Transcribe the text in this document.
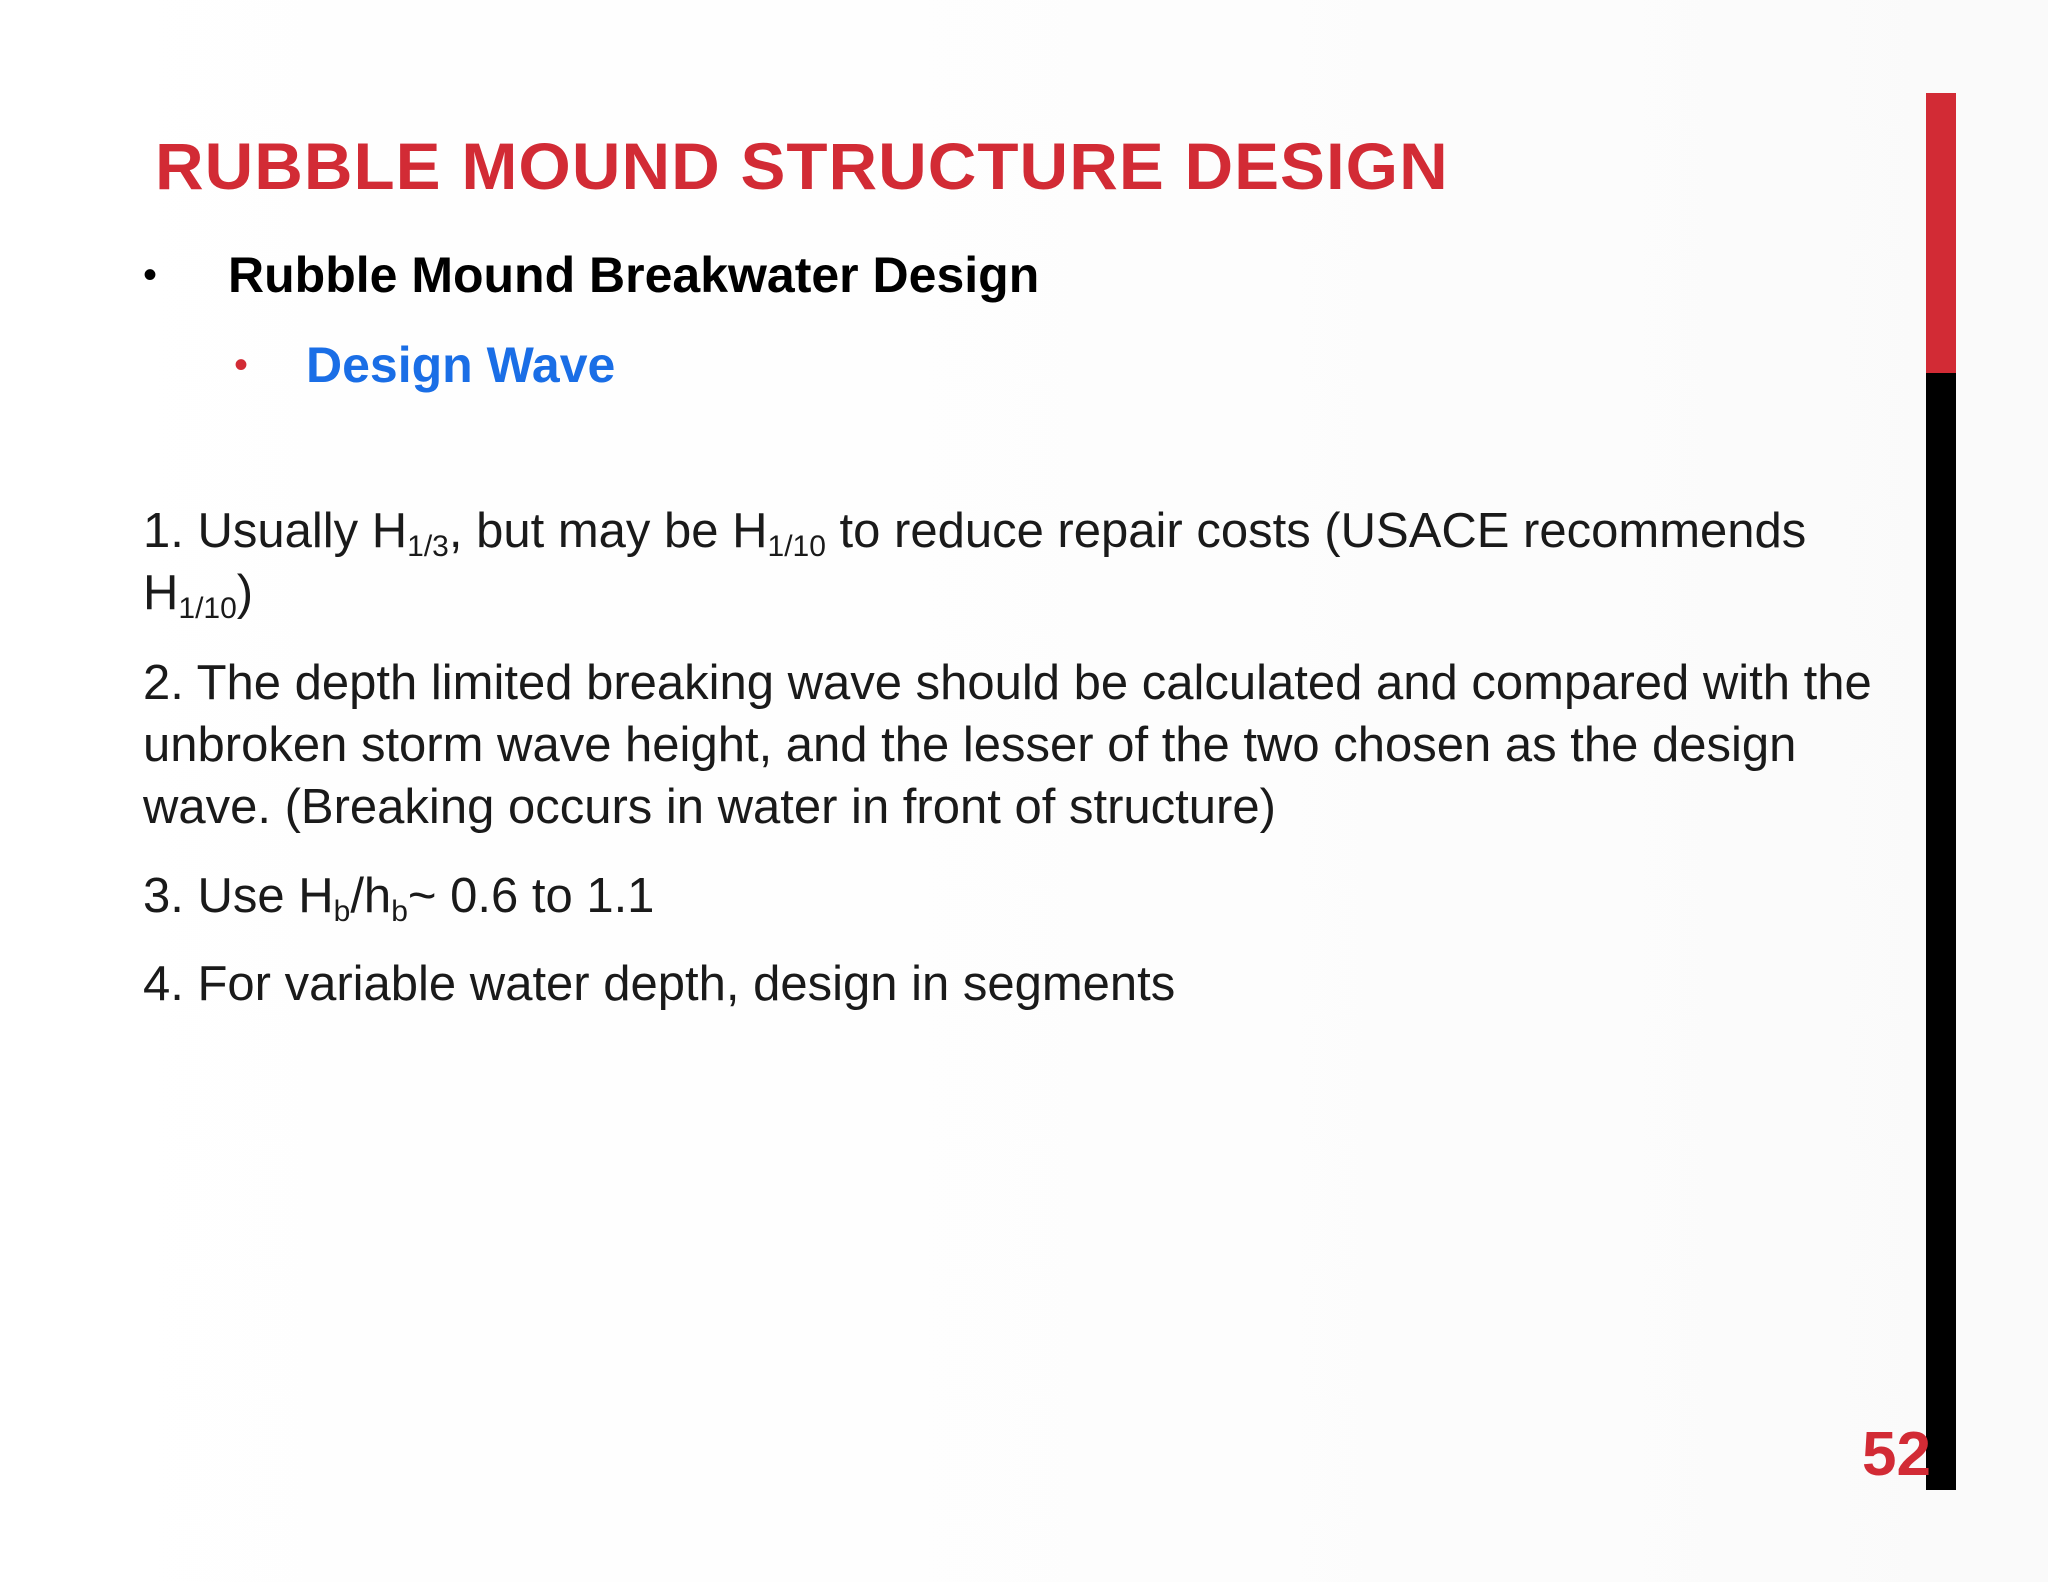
RUBBLE MOUND STRUCTURE DESIGN
• Rubble Mound Breakwater Design
• Design Wave
1. Usually $H_{1/3}$, but may be $H_{1/10}$ to reduce repair costs (USACE recommends $H_{1/10}$)
2. The depth limited breaking wave should be calculated and compared with the unbroken storm wave height, and the lesser of the two chosen as the design wave. (Breaking occurs in water in front of structure)
3. Use $H_b/h_b\sim$ 0.6 to 1.1
4. For variable water depth, design in segments
52
